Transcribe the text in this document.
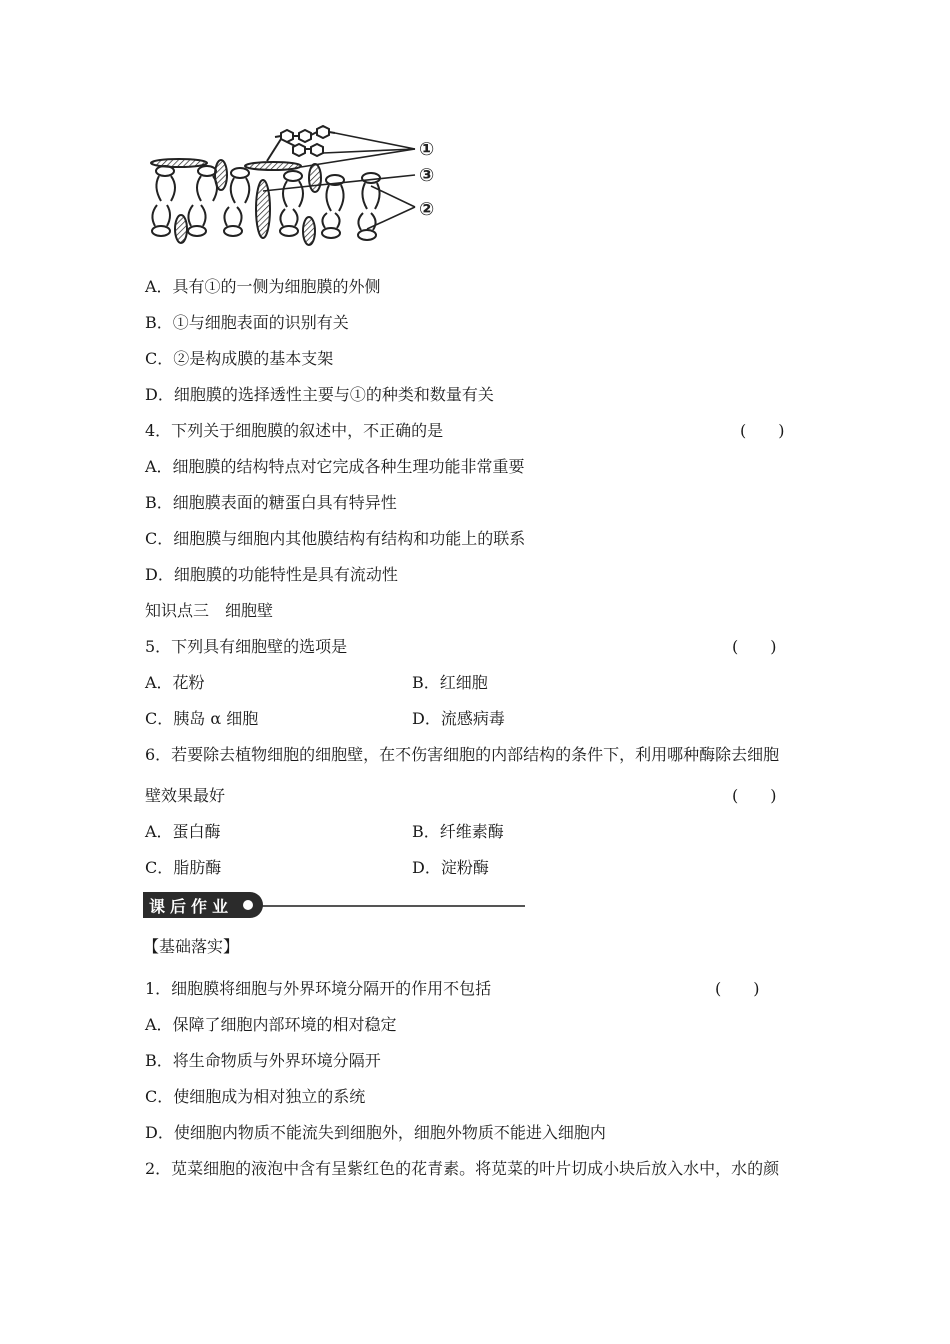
①
③
②
A．具有①的一侧为细胞膜的外侧
B．①与细胞表面的识别有关
C．②是构成膜的基本支架
D．细胞膜的选择透性主要与①的种类和数量有关
4．下列关于细胞膜的叙述中，不正确的是	(　　)
A．细胞膜的结构特点对它完成各种生理功能非常重要
B．细胞膜表面的糖蛋白具有特异性
C．细胞膜与细胞内其他膜结构有结构和功能上的联系
D．细胞膜的功能特性是具有流动性
知识点三　细胞壁
5．下列具有细胞壁的选项是	(　　)
A．花粉	B．红细胞
C．胰岛 α 细胞	D．流感病毒
6．若要除去植物细胞的细胞壁，在不伤害细胞的内部结构的条件下，利用哪种酶除去细胞
壁效果最好	(　　)
A．蛋白酶	B．纤维素酶
C．脂肪酶	D．淀粉酶
课后作业
【基础落实】
1．细胞膜将细胞与外界环境分隔开的作用不包括	(　　)
A．保障了细胞内部环境的相对稳定
B．将生命物质与外界环境分隔开
C．使细胞成为相对独立的系统
D．使细胞内物质不能流失到细胞外，细胞外物质不能进入细胞内
2．苋菜细胞的液泡中含有呈紫红色的花青素。将苋菜的叶片切成小块后放入水中，水的颜
